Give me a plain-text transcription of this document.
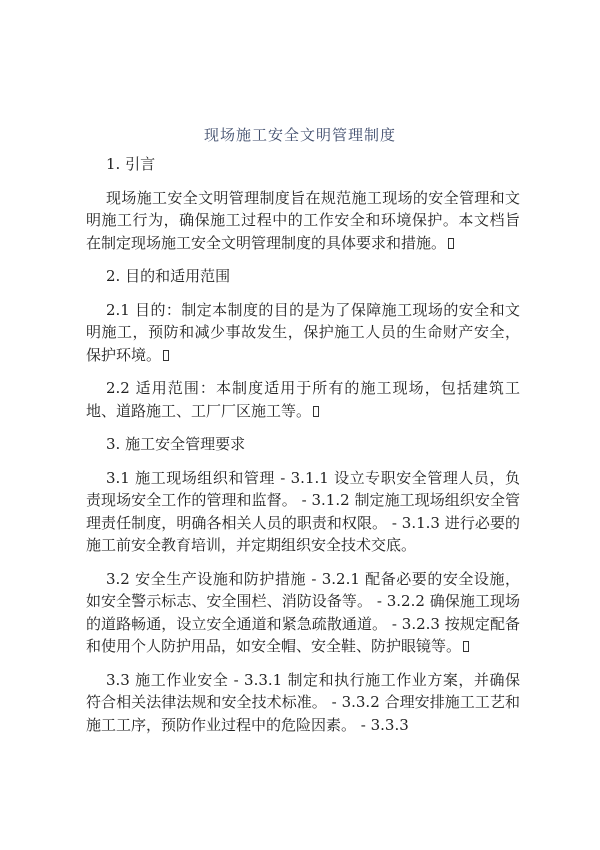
现场施工安全文明管理制度
1. 引言
现场施工安全文明管理制度旨在规范施工现场的安全管理和文明施工行为，确保施工过程中的工作安全和环境保护。本文档旨在制定现场施工安全文明管理制度的具体要求和措施。
2. 目的和适用范围
2.1 目的：制定本制度的目的是为了保障施工现场的安全和文明施工，预防和减少事故发生，保护施工人员的生命财产安全，保护环境。
2.2 适用范围：本制度适用于所有的施工现场，包括建筑工地、道路施工、工厂厂区施工等。
3. 施工安全管理要求
3.1 施工现场组织和管理 - 3.1.1 设立专职安全管理人员，负责现场安全工作的管理和监督。 - 3.1.2 制定施工现场组织安全管理责任制度，明确各相关人员的职责和权限。 - 3.1.3 进行必要的施工前安全教育培训，并定期组织安全技术交底。
3.2 安全生产设施和防护措施 - 3.2.1 配备必要的安全设施，如安全警示标志、安全围栏、消防设备等。 - 3.2.2 确保施工现场的道路畅通，设立安全通道和紧急疏散通道。 - 3.2.3 按规定配备和使用个人防护用品，如安全帽、安全鞋、防护眼镜等。
3.3 施工作业安全 - 3.3.1 制定和执行施工作业方案，并确保符合相关法律法规和安全技术标准。 - 3.3.2 合理安排施工工艺和施工工序，预防作业过程中的危险因素。 - 3.3.3
